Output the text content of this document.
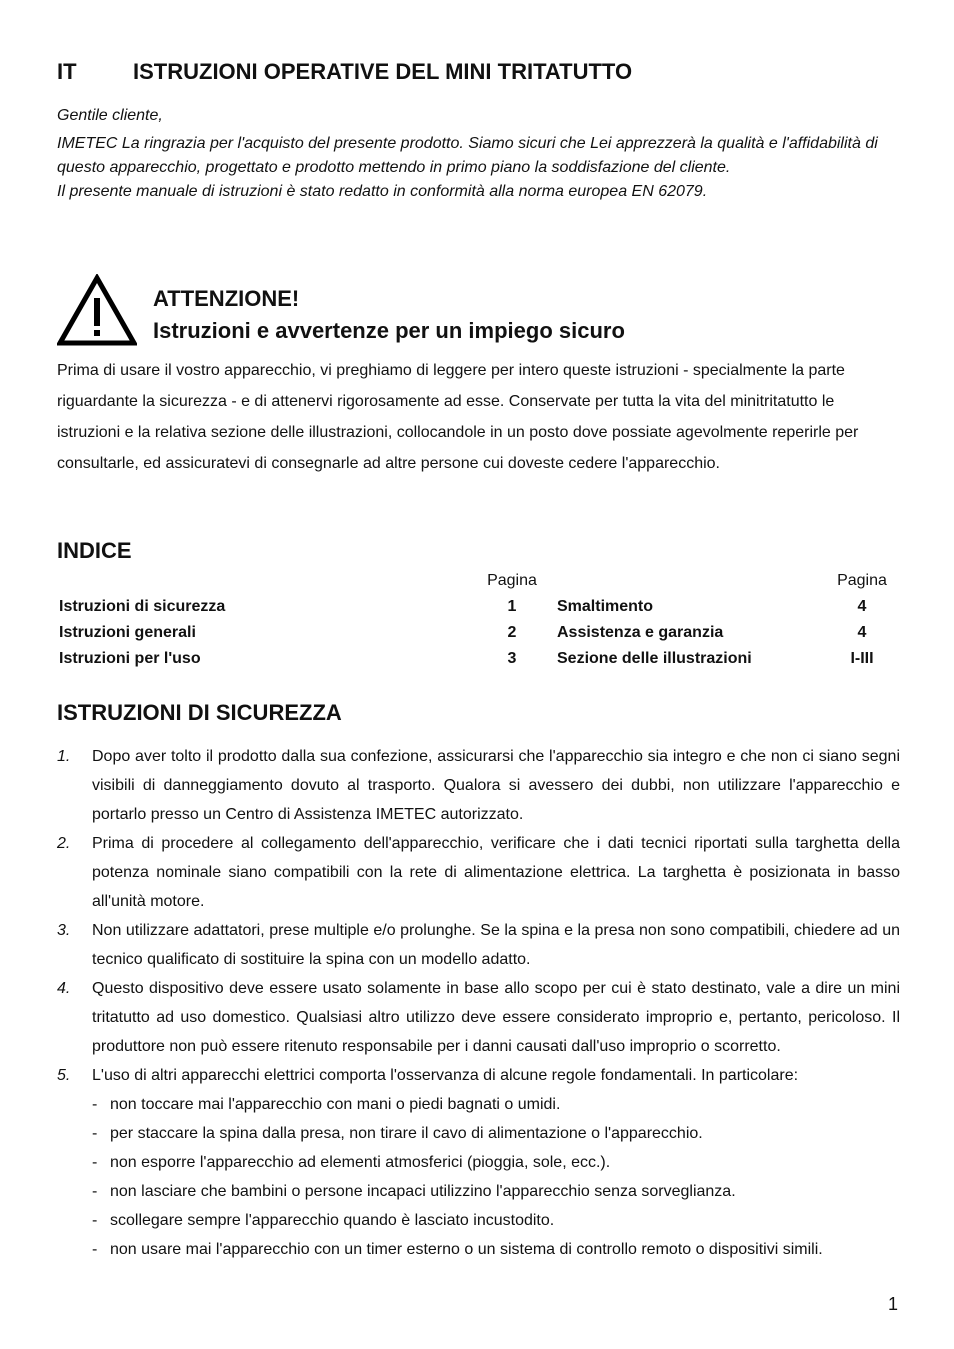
IT	ISTRUZIONI OPERATIVE DEL MINI TRITATUTTO

Gentile cliente,

IMETEC La ringrazia per l'acquisto del presente prodotto. Siamo sicuri che Lei apprezzerà la qualità e l'affidabilità di questo apparecchio, progettato e prodotto mettendo in primo piano la soddisfazione del cliente.

Il presente manuale di istruzioni è stato redatto in conformità alla norma europea EN 62079.

ATTENZIONE!
Istruzioni e avvertenze per un impiego sicuro
Prima di usare il vostro apparecchio, vi preghiamo di leggere per intero queste istruzioni - specialmente la parte riguardante la sicurezza - e di attenervi rigorosamente ad esse. Conservate per tutta la vita del minitritatutto le istruzioni e la relativa sezione delle illustrazioni, collocandole in un posto dove possiate agevolmente reperirle per consultarle, ed assicuratevi di consegnarle ad altre persone cui doveste cedere l'apparecchio.
INDICE
Pagina	Pagina
Istruzioni di sicurezza	1	Smaltimento	4
Istruzioni generali	2	Assistenza e garanzia	4
Istruzioni per l'uso	3	Sezione delle illustrazioni	I-III
ISTRUZIONI DI SICUREZZA
1. Dopo aver tolto il prodotto dalla sua confezione, assicurarsi che l'apparecchio sia integro e che non ci siano segni visibili di danneggiamento dovuto al trasporto. Qualora si avessero dei dubbi, non utilizzare l'apparecchio e portarlo presso un Centro di Assistenza IMETEC autorizzato.
2. Prima di procedere al collegamento dell'apparecchio, verificare che i dati tecnici riportati sulla targhetta della potenza nominale siano compatibili con la rete di alimentazione elettrica. La targhetta è posizionata in basso all'unità motore.
3. Non utilizzare adattatori, prese multiple e/o prolunghe. Se la spina e la presa non sono compatibili, chiedere ad un tecnico qualificato di sostituire la spina con un modello adatto.
4. Questo dispositivo deve essere usato solamente in base allo scopo per cui è stato destinato, vale a dire un mini tritatutto ad uso domestico. Qualsiasi altro utilizzo deve essere considerato improprio e, pertanto, pericoloso. Il produttore non può essere ritenuto responsabile per i danni causati dall'uso improprio o scorretto.
5. L'uso di altri apparecchi elettrici comporta l'osservanza di alcune regole fondamentali. In particolare:
- non toccare mai l'apparecchio con mani o piedi bagnati o umidi.
- per staccare la spina dalla presa, non tirare il cavo di alimentazione o l'apparecchio.
- non esporre l'apparecchio ad elementi atmosferici (pioggia, sole, ecc.).
- non lasciare che bambini o persone incapaci utilizzino l'apparecchio senza sorveglianza.
- scollegare sempre l'apparecchio quando è lasciato incustodito.
- non usare mai l'apparecchio con un timer esterno o un sistema di controllo remoto o dispositivi simili.
1
